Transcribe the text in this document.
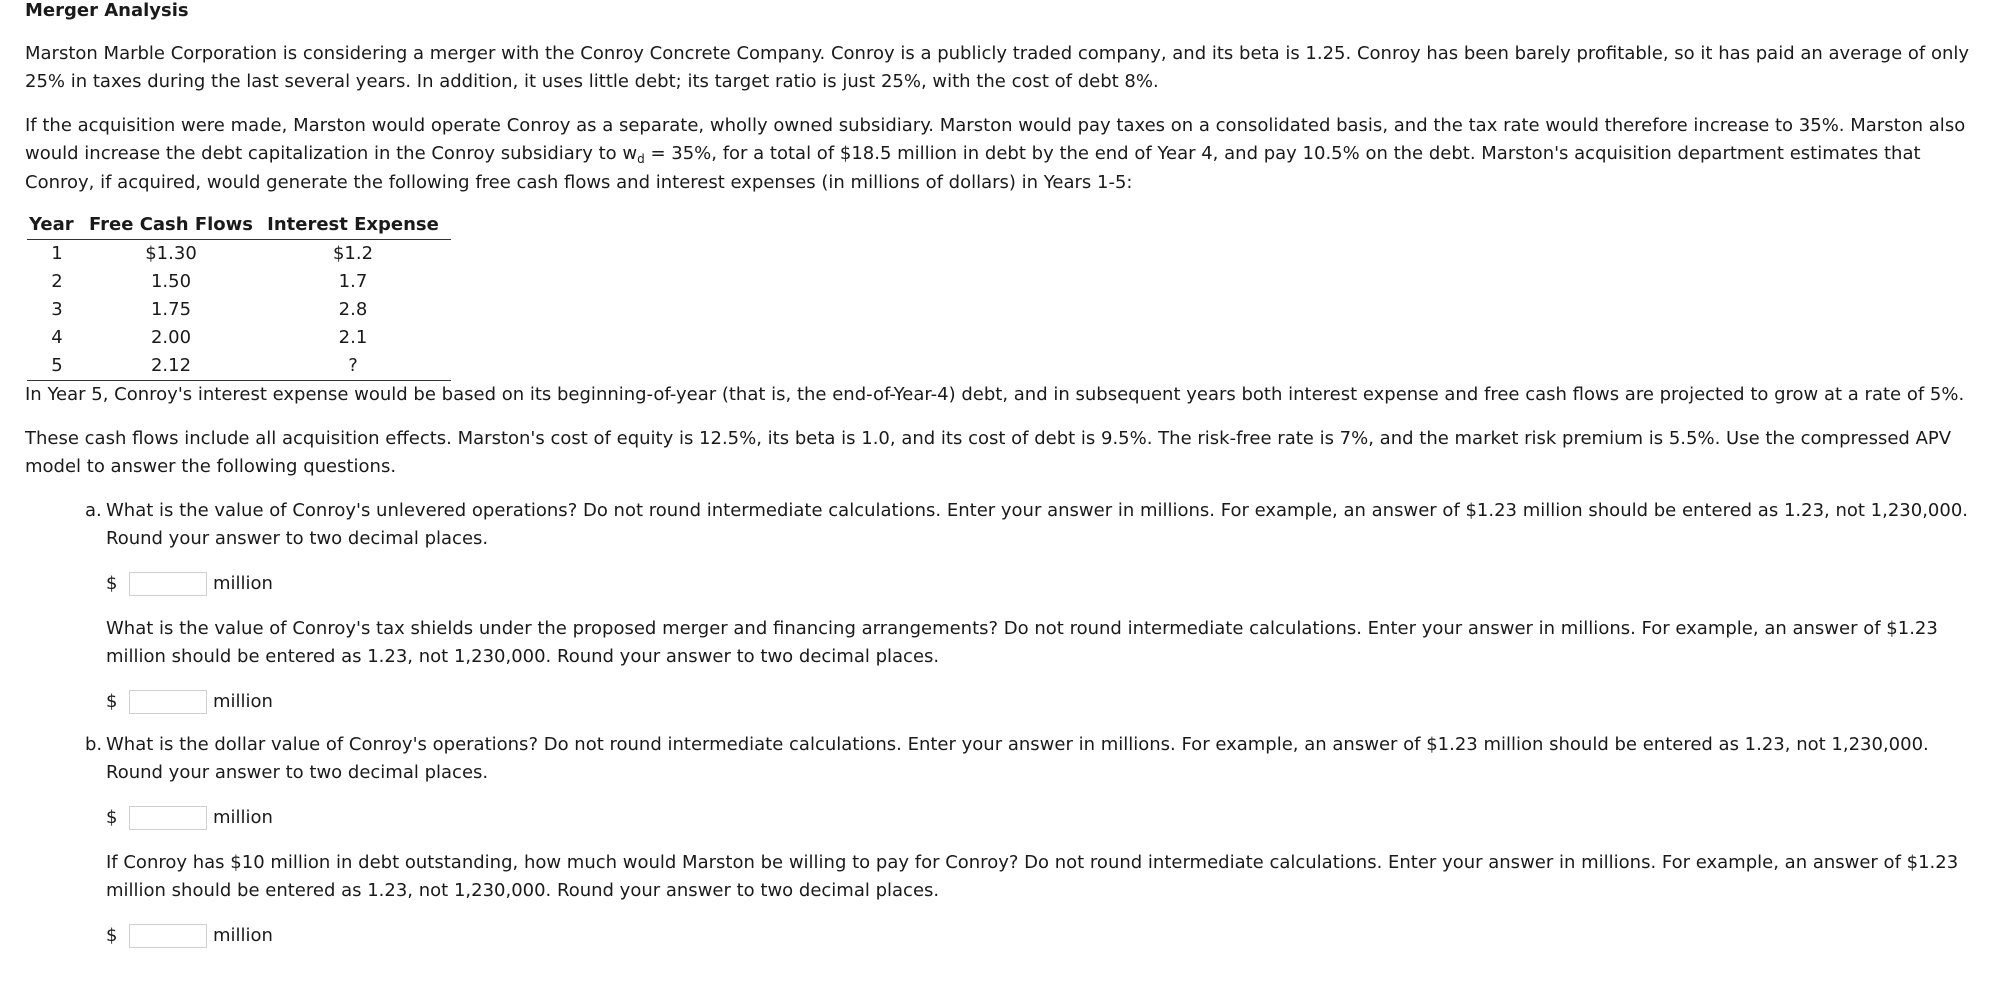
Merger Analysis

Marston Marble Corporation is considering a merger with the Conroy Concrete Company. Conroy is a publicly traded company, and its beta is 1.25. Conroy has been barely profitable, so it has paid an average of only 25% in taxes during the last several years. In addition, it uses little debt; its target ratio is just 25%, with the cost of debt 8%.

If the acquisition were made, Marston would operate Conroy as a separate, wholly owned subsidiary. Marston would pay taxes on a consolidated basis, and the tax rate would therefore increase to 35%. Marston also would increase the debt capitalization in the Conroy subsidiary to $w_d = 35\%$, for a total of $18.5 million in debt by the end of Year 4, and pay 10.5% on the debt. Marston's acquisition department estimates that Conroy, if acquired, would generate the following free cash flows and interest expenses (in millions of dollars) in Years 1-5:

Year	Free Cash Flows	Interest Expense
1	$1.30	$1.2
2	1.50	1.7
3	1.75	2.8
4	2.00	2.1
5	2.12	?

In Year 5, Conroy's interest expense would be based on its beginning-of-year (that is, the end-of-Year-4) debt, and in subsequent years both interest expense and free cash flows are projected to grow at a rate of 5%.

These cash flows include all acquisition effects. Marston's cost of equity is 12.5%, its beta is 1.0, and its cost of debt is 9.5%. The risk-free rate is 7%, and the market risk premium is 5.5%. Use the compressed APV model to answer the following questions.

a. What is the value of Conroy's unlevered operations? Do not round intermediate calculations. Enter your answer in millions. For example, an answer of $1.23 million should be entered as 1.23, not 1,230,000. Round your answer to two decimal places.
$	million
What is the value of Conroy's tax shields under the proposed merger and financing arrangements? Do not round intermediate calculations. Enter your answer in millions. For example, an answer of $1.23 million should be entered as 1.23, not 1,230,000. Round your answer to two decimal places.
$	million
b. What is the dollar value of Conroy's operations? Do not round intermediate calculations. Enter your answer in millions. For example, an answer of $1.23 million should be entered as 1.23, not 1,230,000. Round your answer to two decimal places.
$	million
If Conroy has $10 million in debt outstanding, how much would Marston be willing to pay for Conroy? Do not round intermediate calculations. Enter your answer in millions. For example, an answer of $1.23 million should be entered as 1.23, not 1,230,000. Round your answer to two decimal places.
$	million
